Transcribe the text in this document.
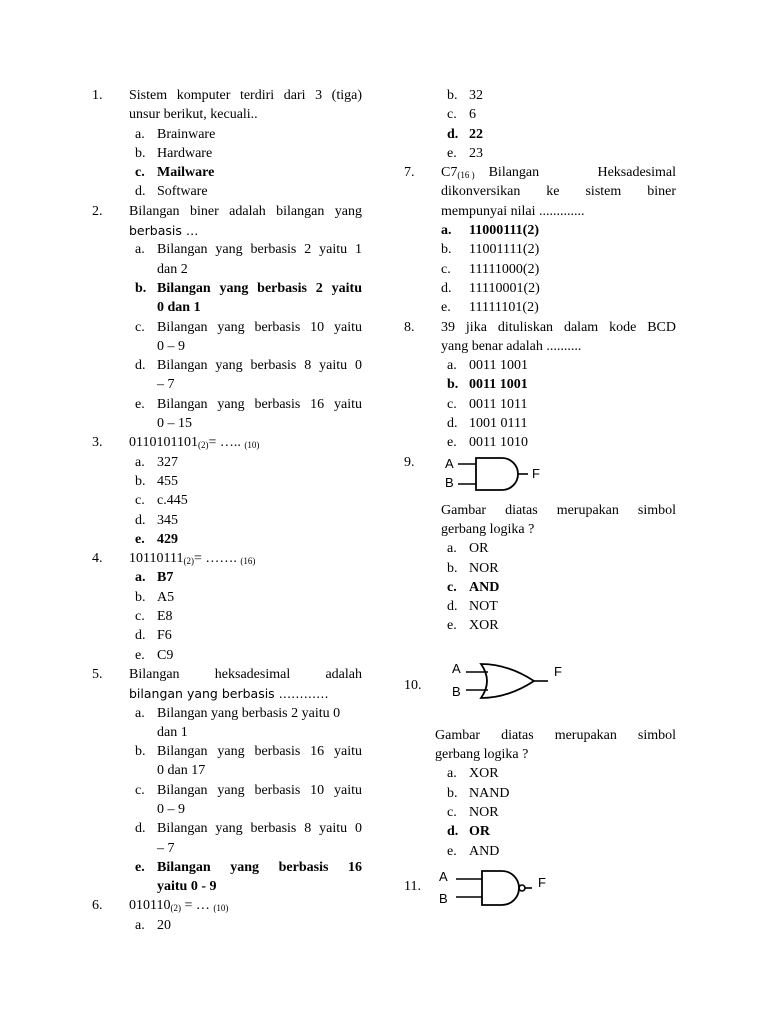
1. Sistem komputer terdiri dari 3 (tiga)
unsur berikut, kecuali..
a. Brainware
b. Hardware
c. Mailware
d. Software
2. Bilangan biner adalah bilangan yang
berbasis …
a. Bilangan yang berbasis 2 yaitu 1
dan 2
b. Bilangan yang berbasis 2 yaitu
0 dan 1
c. Bilangan yang berbasis 10 yaitu
0 – 9
d. Bilangan yang berbasis 8 yaitu 0
– 7
e. Bilangan yang berbasis 16 yaitu
0 – 15
3. 0110101101(2)= ….. (10)
a. 327
b. 455
c. c.445
d. 345
e. 429
4. 10110111(2)= ……. (16)
a. B7
b. A5
c. E8
d. F6
e. C9
5. Bilangan heksadesimal adalah
bilangan yang berbasis …………
a. Bilangan yang berbasis 2 yaitu 0
dan 1
b. Bilangan yang berbasis 16 yaitu
0 dan 17
c. Bilangan yang berbasis 10 yaitu
0 – 9
d. Bilangan yang berbasis 8 yaitu 0
– 7
e. Bilangan yang berbasis 16
yaitu 0 - 9
6. 010110(2) = … (10)
a. 20
b. 32
c. 6
d. 22
e. 23
7. C7(16 ) Bilangan Heksadesimal
dikonversikan ke sistem biner
mempunyai nilai .............
a. 11000111(2)
b. 11001111(2)
c. 11111000(2)
d. 11110001(2)
e. 11111101(2)
8. 39 jika dituliskan dalam kode BCD
yang benar adalah ..........
a. 0011 1001
b. 0011 1001
c. 0011 1011
d. 1001 0111
e. 0011 1010
9. A
B
F
Gambar diatas merupakan simbol
gerbang logika ?
a. OR
b. NOR
c. AND
d. NOT
e. XOR
10.
A
B
F
Gambar diatas merupakan simbol
gerbang logika ?
a. XOR
b. NAND
c. NOR
d. OR
e. AND
11.
A
B
F
